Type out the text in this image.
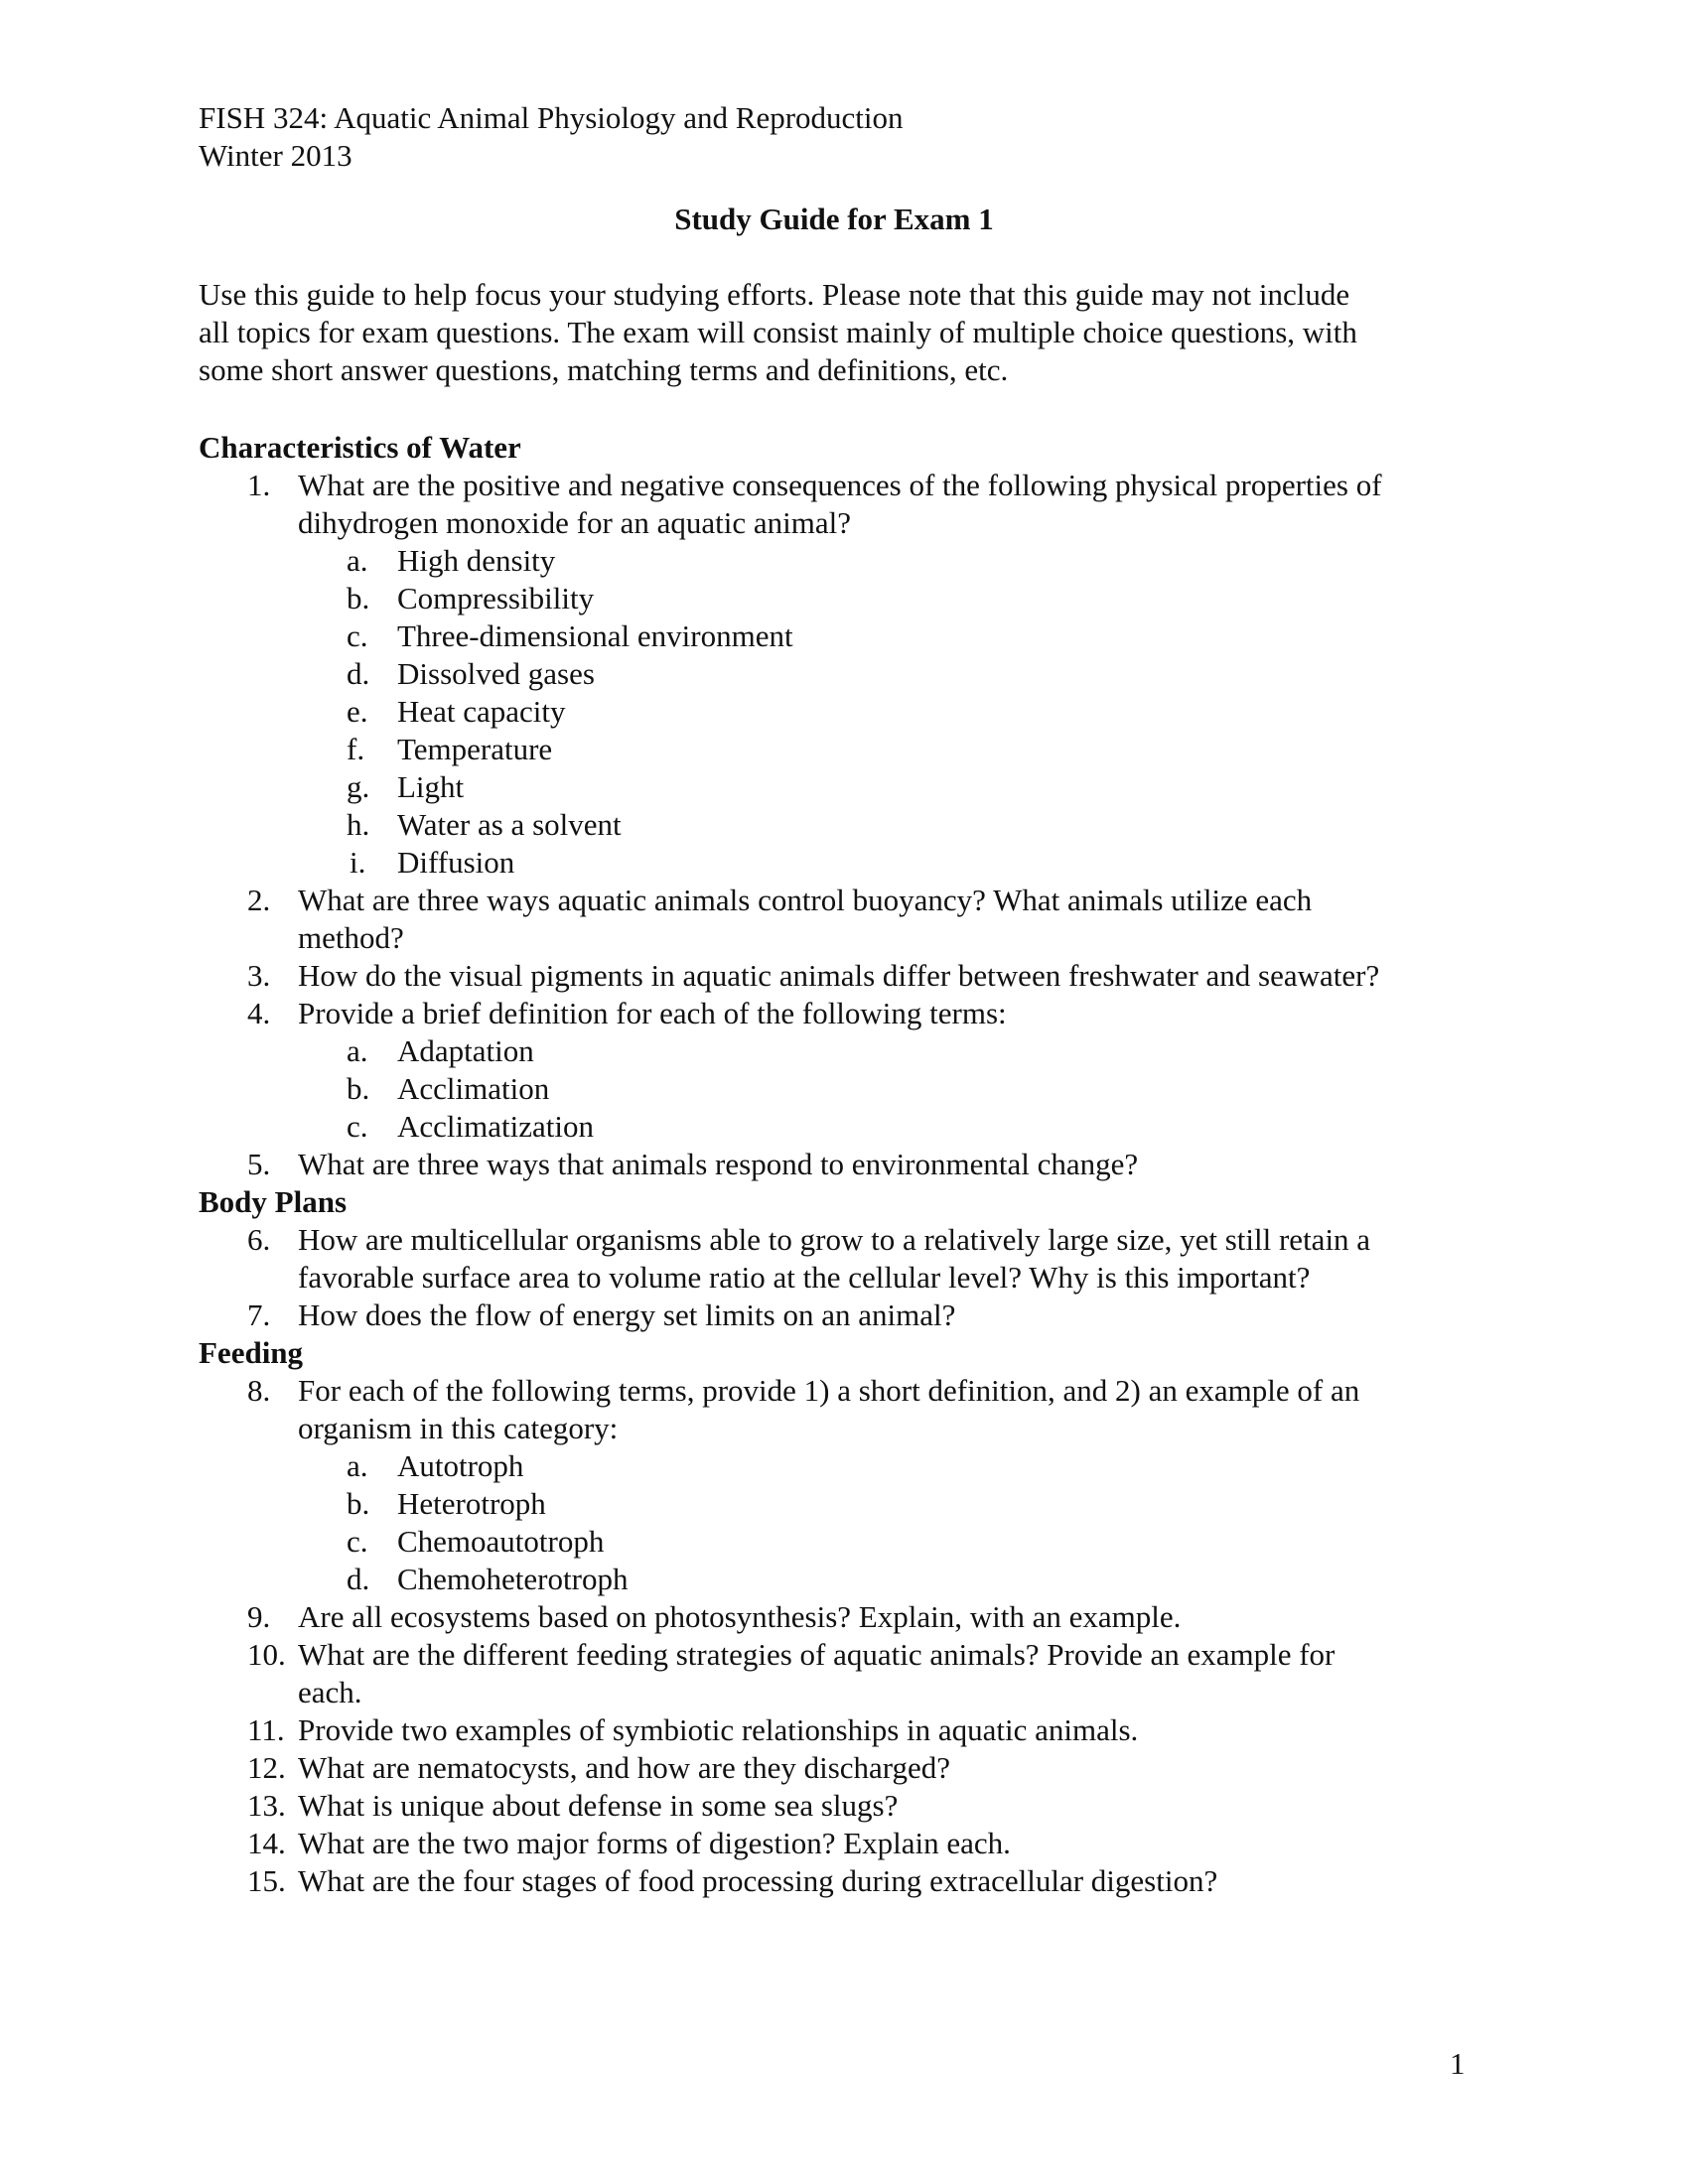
FISH 324: Aquatic Animal Physiology and Reproduction

Winter 2013

Study Guide for Exam 1

Use this guide to help focus your studying efforts. Please note that this guide may not include

all topics for exam questions. The exam will consist mainly of multiple choice questions, with

some short answer questions, matching terms and definitions, etc.

Characteristics of Water

1. What are the positive and negative consequences of the following physical properties of

dihydrogen monoxide for an aquatic animal?

a. High density

b. Compressibility

c. Three-dimensional environment

d. Dissolved gases

e. Heat capacity

f. Temperature

g. Light

h. Water as a solvent

i. Diffusion

2. What are three ways aquatic animals control buoyancy? What animals utilize each

method?

3. How do the visual pigments in aquatic animals differ between freshwater and seawater?

4. Provide a brief definition for each of the following terms:

a. Adaptation

b. Acclimation

c. Acclimatization

5. What are three ways that animals respond to environmental change?

Body Plans

6. How are multicellular organisms able to grow to a relatively large size, yet still retain a

favorable surface area to volume ratio at the cellular level? Why is this important?

7. How does the flow of energy set limits on an animal?

Feeding

8. For each of the following terms, provide 1) a short definition, and 2) an example of an

organism in this category:

a. Autotroph

b. Heterotroph

c. Chemoautotroph

d. Chemoheterotroph

9. Are all ecosystems based on photosynthesis? Explain, with an example.

10. What are the different feeding strategies of aquatic animals? Provide an example for

each.

11. Provide two examples of symbiotic relationships in aquatic animals.

12. What are nematocysts, and how are they discharged?

13. What is unique about defense in some sea slugs?

14. What are the two major forms of digestion? Explain each.

15. What are the four stages of food processing during extracellular digestion?

1
